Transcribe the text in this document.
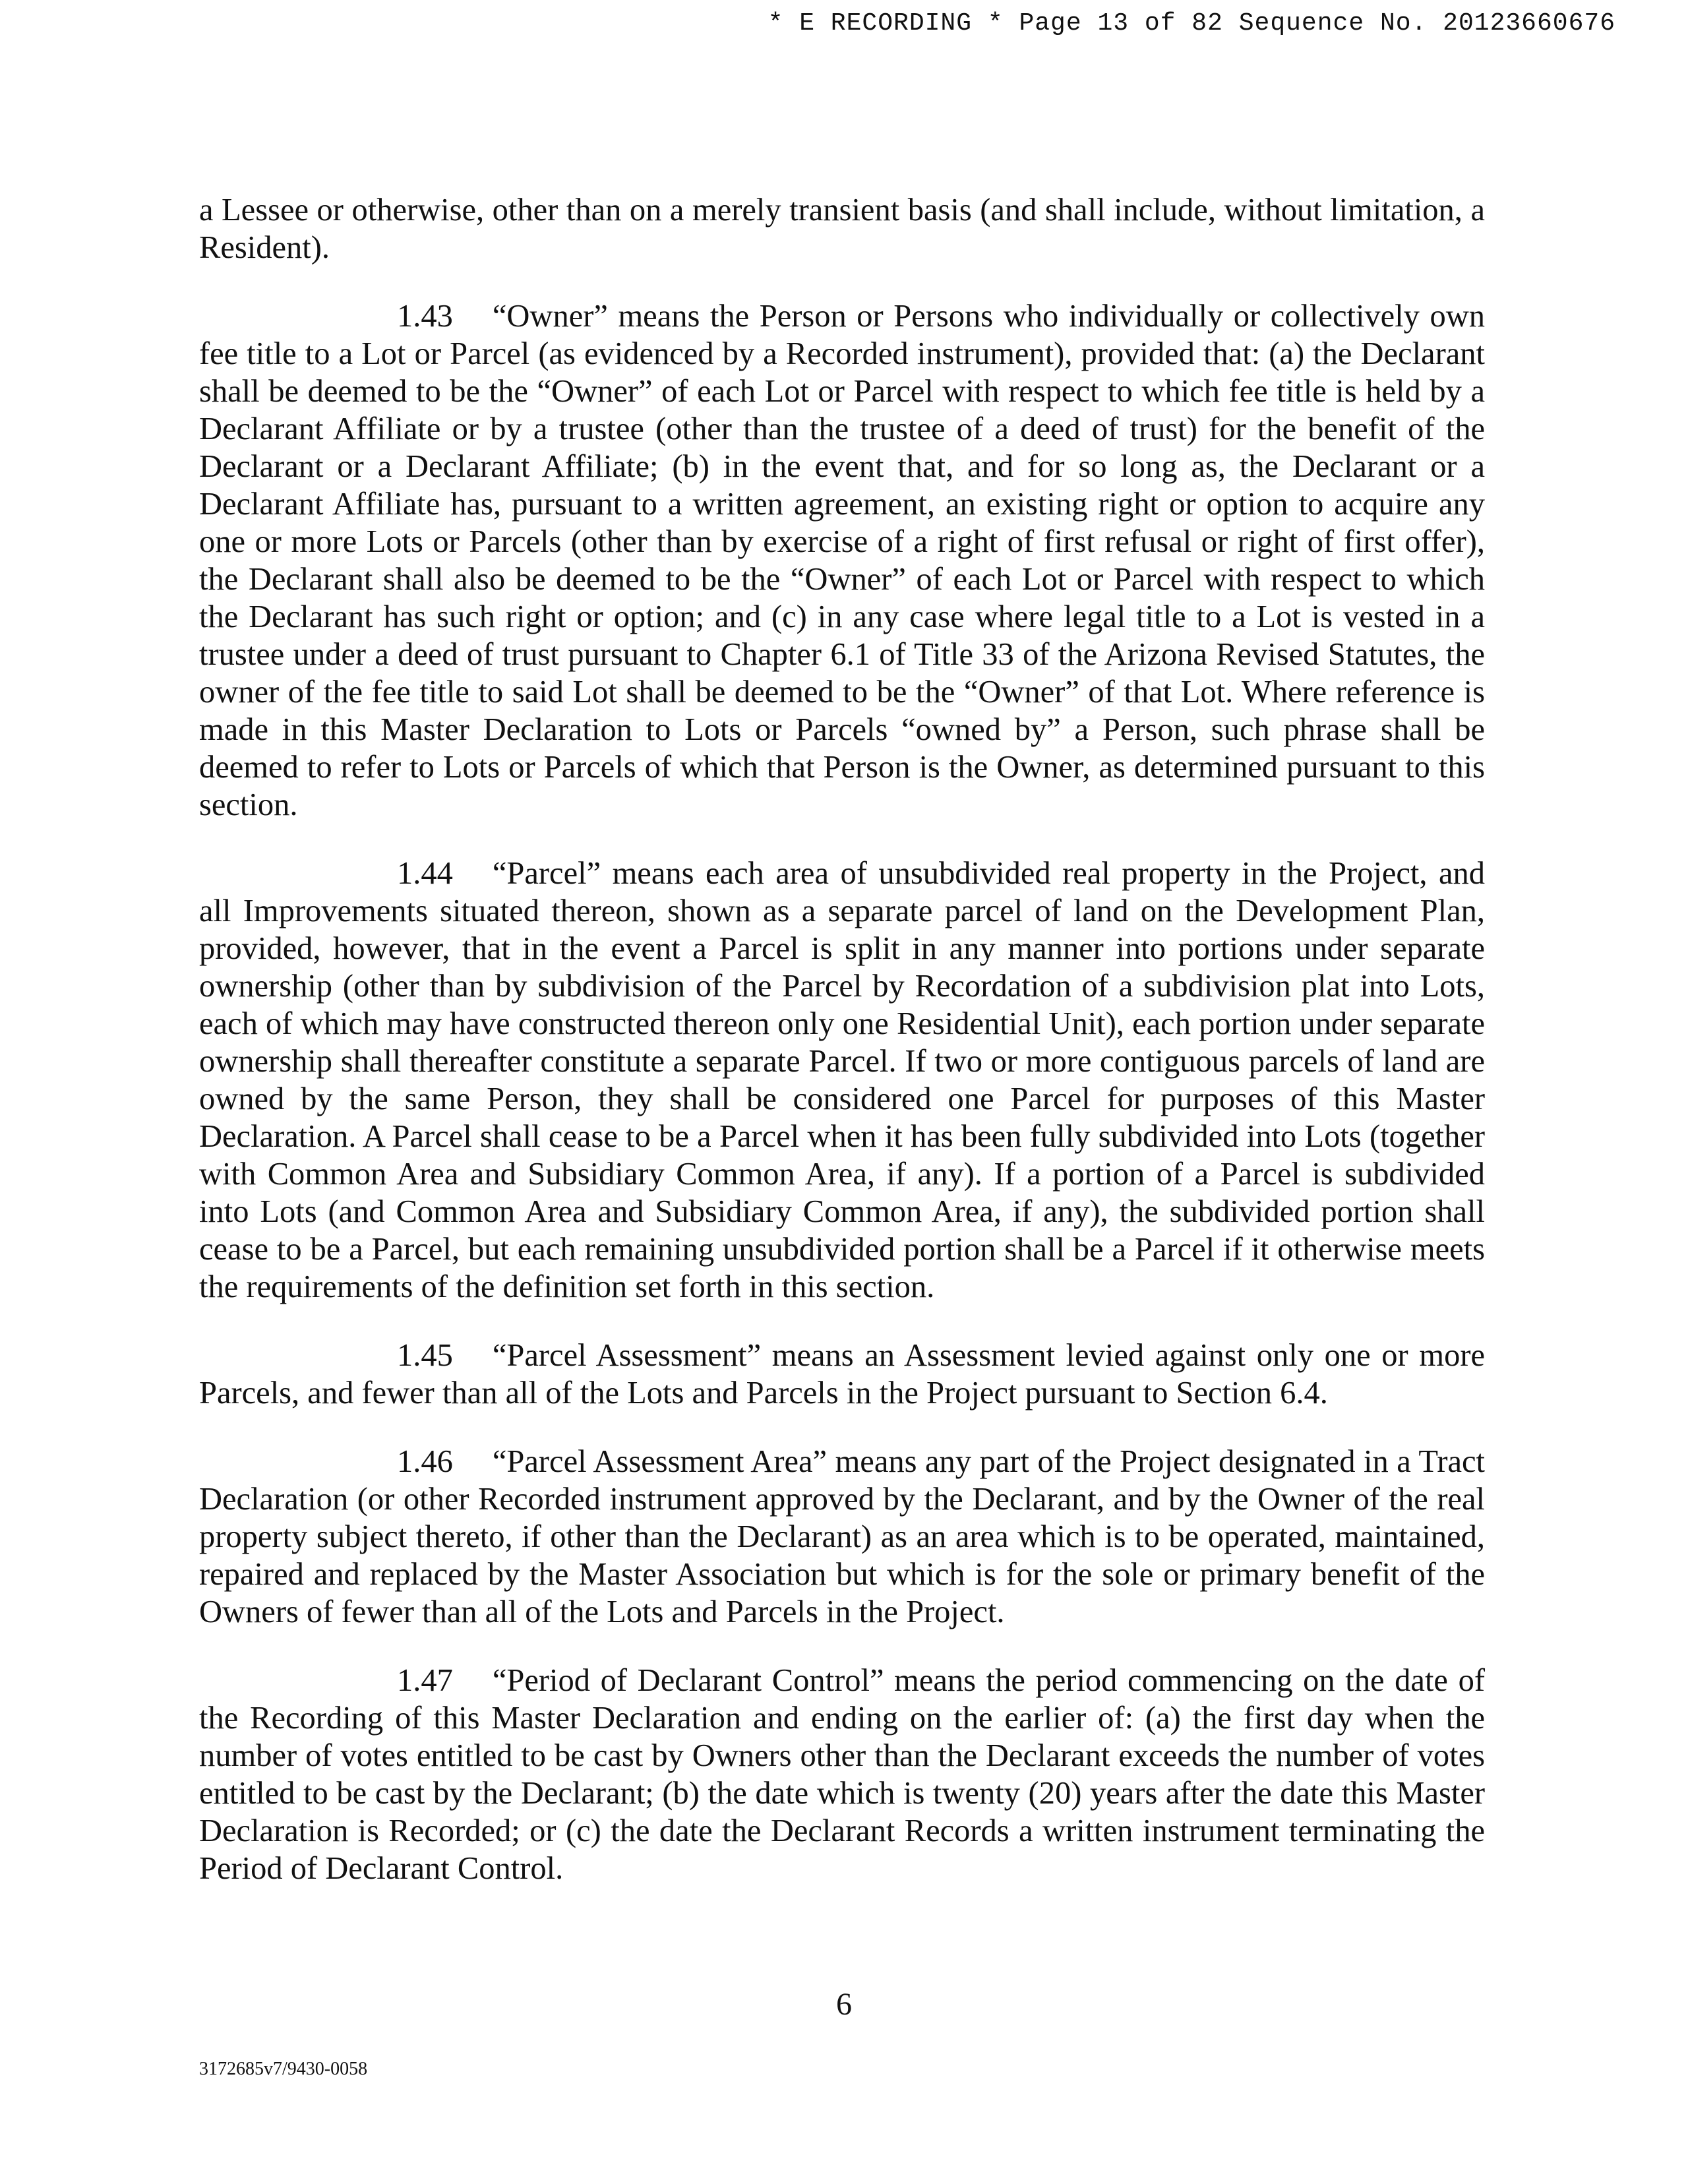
* E RECORDING * Page 13 of 82 Sequence No. 20123660676

a Lessee or otherwise, other than on a merely transient basis (and shall include, without limitation, a Resident).

1.43 “Owner” means the Person or Persons who individually or collectively own fee title to a Lot or Parcel (as evidenced by a Recorded instrument), provided that: (a) the Declarant shall be deemed to be the “Owner” of each Lot or Parcel with respect to which fee title is held by a Declarant Affiliate or by a trustee (other than the trustee of a deed of trust) for the benefit of the Declarant or a Declarant Affiliate; (b) in the event that, and for so long as, the Declarant or a Declarant Affiliate has, pursuant to a written agreement, an existing right or option to acquire any one or more Lots or Parcels (other than by exercise of a right of first refusal or right of first offer), the Declarant shall also be deemed to be the “Owner” of each Lot or Parcel with respect to which the Declarant has such right or option; and (c) in any case where legal title to a Lot is vested in a trustee under a deed of trust pursuant to Chapter 6.1 of Title 33 of the Arizona Revised Statutes, the owner of the fee title to said Lot shall be deemed to be the “Owner” of that Lot. Where reference is made in this Master Declaration to Lots or Parcels “owned by” a Person, such phrase shall be deemed to refer to Lots or Parcels of which that Person is the Owner, as determined pursuant to this section.

1.44 “Parcel” means each area of unsubdivided real property in the Project, and all Improvements situated thereon, shown as a separate parcel of land on the Development Plan, provided, however, that in the event a Parcel is split in any manner into portions under separate ownership (other than by subdivision of the Parcel by Recordation of a subdivision plat into Lots, each of which may have constructed thereon only one Residential Unit), each portion under separate ownership shall thereafter constitute a separate Parcel. If two or more contiguous parcels of land are owned by the same Person, they shall be considered one Parcel for purposes of this Master Declaration. A Parcel shall cease to be a Parcel when it has been fully subdivided into Lots (together with Common Area and Subsidiary Common Area, if any). If a portion of a Parcel is subdivided into Lots (and Common Area and Subsidiary Common Area, if any), the subdivided portion shall cease to be a Parcel, but each remaining unsubdivided portion shall be a Parcel if it otherwise meets the requirements of the definition set forth in this section.

1.45 “Parcel Assessment” means an Assessment levied against only one or more Parcels, and fewer than all of the Lots and Parcels in the Project pursuant to Section 6.4.

1.46 “Parcel Assessment Area” means any part of the Project designated in a Tract Declaration (or other Recorded instrument approved by the Declarant, and by the Owner of the real property subject thereto, if other than the Declarant) as an area which is to be operated, maintained, repaired and replaced by the Master Association but which is for the sole or primary benefit of the Owners of fewer than all of the Lots and Parcels in the Project.

1.47 “Period of Declarant Control” means the period commencing on the date of the Recording of this Master Declaration and ending on the earlier of: (a) the first day when the number of votes entitled to be cast by Owners other than the Declarant exceeds the number of votes entitled to be cast by the Declarant; (b) the date which is twenty (20) years after the date this Master Declaration is Recorded; or (c) the date the Declarant Records a written instrument terminating the Period of Declarant Control.

6
3172685v7/9430-0058
